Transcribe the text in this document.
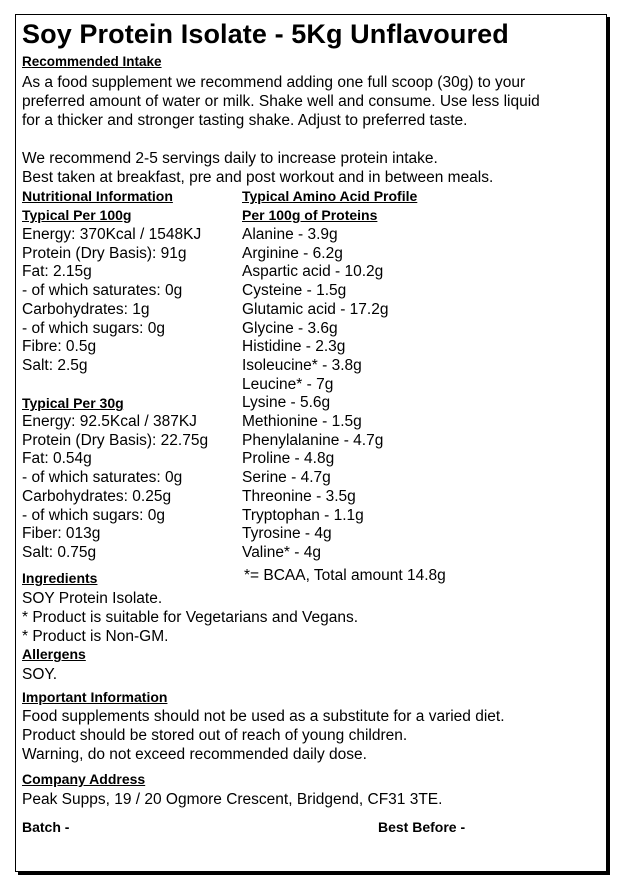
Soy Protein Isolate - 5Kg Unflavoured
Recommended Intake
As a food supplement we recommend adding one full scoop (30g) to your
preferred amount of water or milk. Shake well and consume. Use less liquid
for a thicker and stronger tasting shake. Adjust to preferred taste.
We recommend 2-5 servings daily to increase protein intake.
Best taken at breakfast, pre and post workout and in between meals.
Nutritional Information
Typical Per 100g
Energy: 370Kcal / 1548KJ
Protein (Dry Basis): 91g
Fat: 2.15g
- of which saturates: 0g
Carbohydrates: 1g
- of which sugars: 0g
Fibre: 0.5g
Salt: 2.5g
Typical Per 30g
Energy: 92.5Kcal / 387KJ
Protein (Dry Basis): 22.75g
Fat: 0.54g
- of which saturates: 0g
Carbohydrates: 0.25g
- of which sugars: 0g
Fiber: 013g
Salt: 0.75g
Typical Amino Acid Profile
Per 100g of Proteins
Alanine - 3.9g
Arginine - 6.2g
Aspartic acid - 10.2g
Cysteine - 1.5g
Glutamic acid - 17.2g
Glycine - 3.6g
Histidine - 2.3g
Isoleucine* - 3.8g
Leucine* - 7g
Lysine - 5.6g
Methionine - 1.5g
Phenylalanine - 4.7g
Proline - 4.8g
Serine - 4.7g
Threonine - 3.5g
Tryptophan - 1.1g
Tyrosine - 4g
Valine* - 4g
*= BCAA, Total amount 14.8g
Ingredients
SOY Protein Isolate.
* Product is suitable for Vegetarians and Vegans.
* Product is Non-GM.
Allergens
SOY.
Important Information
Food supplements should not be used as a substitute for a varied diet.
Product should be stored out of reach of young children.
Warning, do not exceed recommended daily dose.
Company Address
Peak Supps, 19 / 20 Ogmore Crescent, Bridgend, CF31 3TE.
Batch -	Best Before -
